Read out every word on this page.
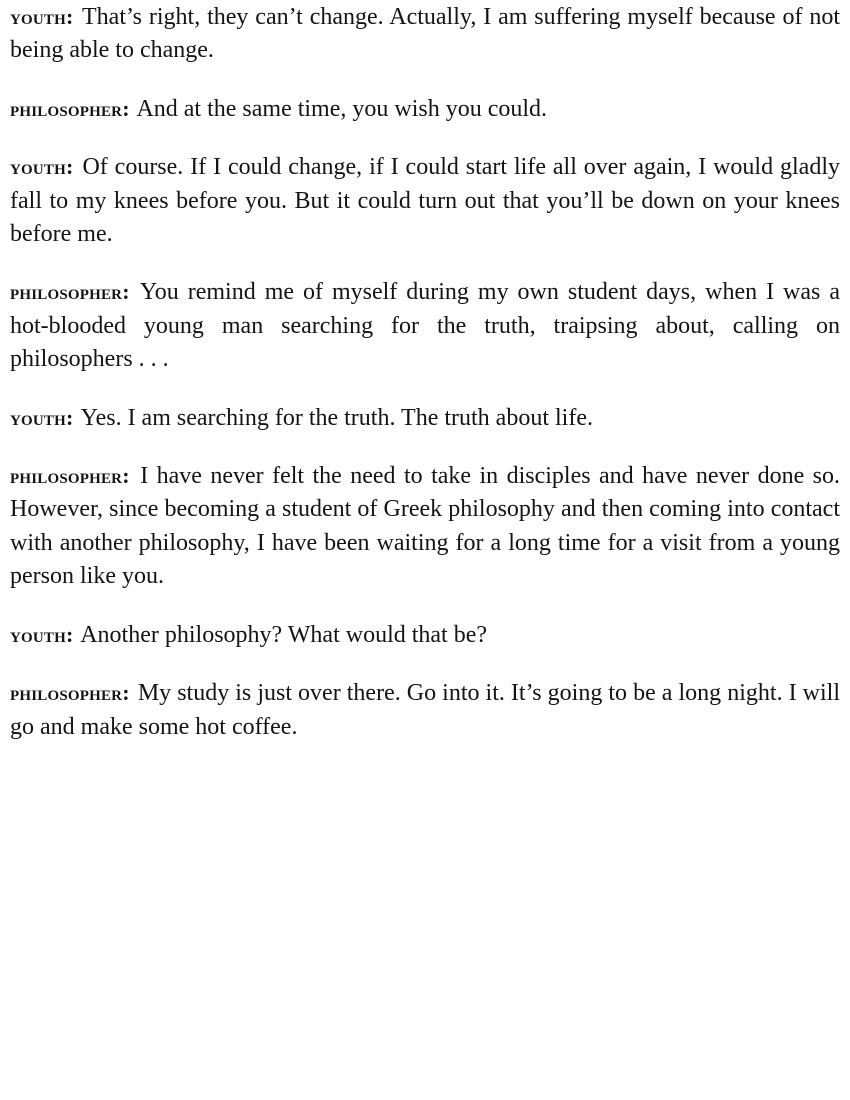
youth: That’s right, they can’t change. Actually, I am suffering myself because of not being able to change.

philosopher: And at the same time, you wish you could.

youth: Of course. If I could change, if I could start life all over again, I would gladly fall to my knees before you. But it could turn out that you’ll be down on your knees before me.

philosopher: You remind me of myself during my own student days, when I was a hot-blooded young man searching for the truth, traipsing about, calling on philosophers . . .

youth: Yes. I am searching for the truth. The truth about life.

philosopher: I have never felt the need to take in disciples and have never done so. However, since becoming a student of Greek philosophy and then coming into contact with another philosophy, I have been waiting for a long time for a visit from a young person like you.

youth: Another philosophy? What would that be?

philosopher: My study is just over there. Go into it. It’s going to be a long night. I will go and make some hot coffee.
